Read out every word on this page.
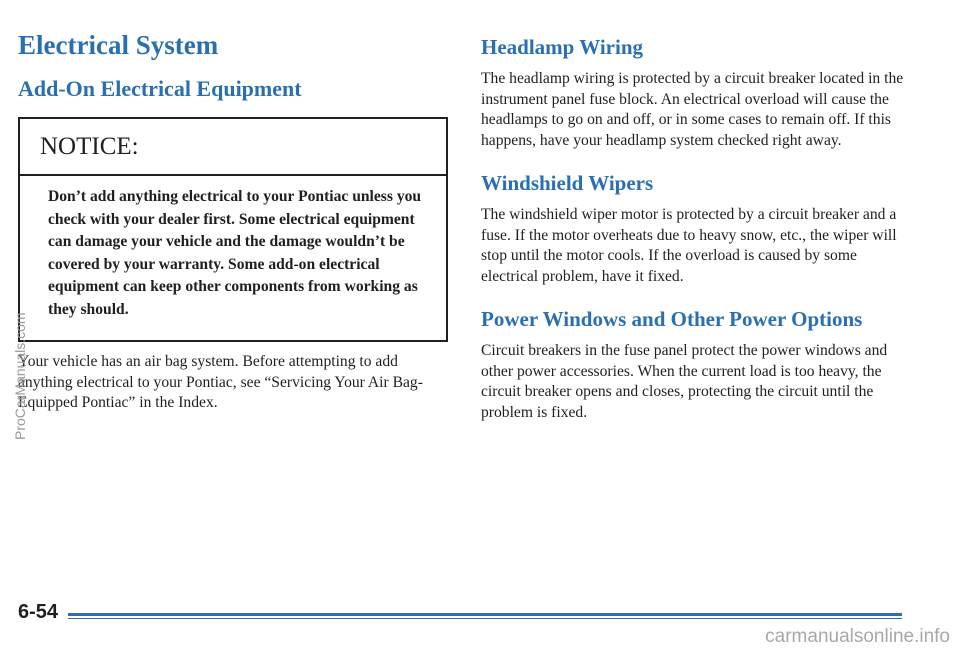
Electrical System
Add-On Electrical Equipment
NOTICE:
Don’t add anything electrical to your Pontiac unless you check with your dealer first. Some electrical equipment can damage your vehicle and the damage wouldn’t be covered by your warranty. Some add-on electrical equipment can keep other components from working as they should.

Your vehicle has an air bag system. Before attempting to add anything electrical to your Pontiac, see “Servicing Your Air Bag-Equipped Pontiac” in the Index.

Headlamp Wiring

The headlamp wiring is protected by a circuit breaker located in the instrument panel fuse block. An electrical overload will cause the headlamps to go on and off, or in some cases to remain off. If this happens, have your headlamp system checked right away.

Windshield Wipers

The windshield wiper motor is protected by a circuit breaker and a fuse. If the motor overheats due to heavy snow, etc., the wiper will stop until the motor cools. If the overload is caused by some electrical problem, have it fixed.

Power Windows and Other Power Options

Circuit breakers in the fuse panel protect the power windows and other power accessories. When the current load is too heavy, the circuit breaker opens and closes, protecting the circuit until the problem is fixed.

6-54
ProCarManuals.com
carmanualsonline.info
